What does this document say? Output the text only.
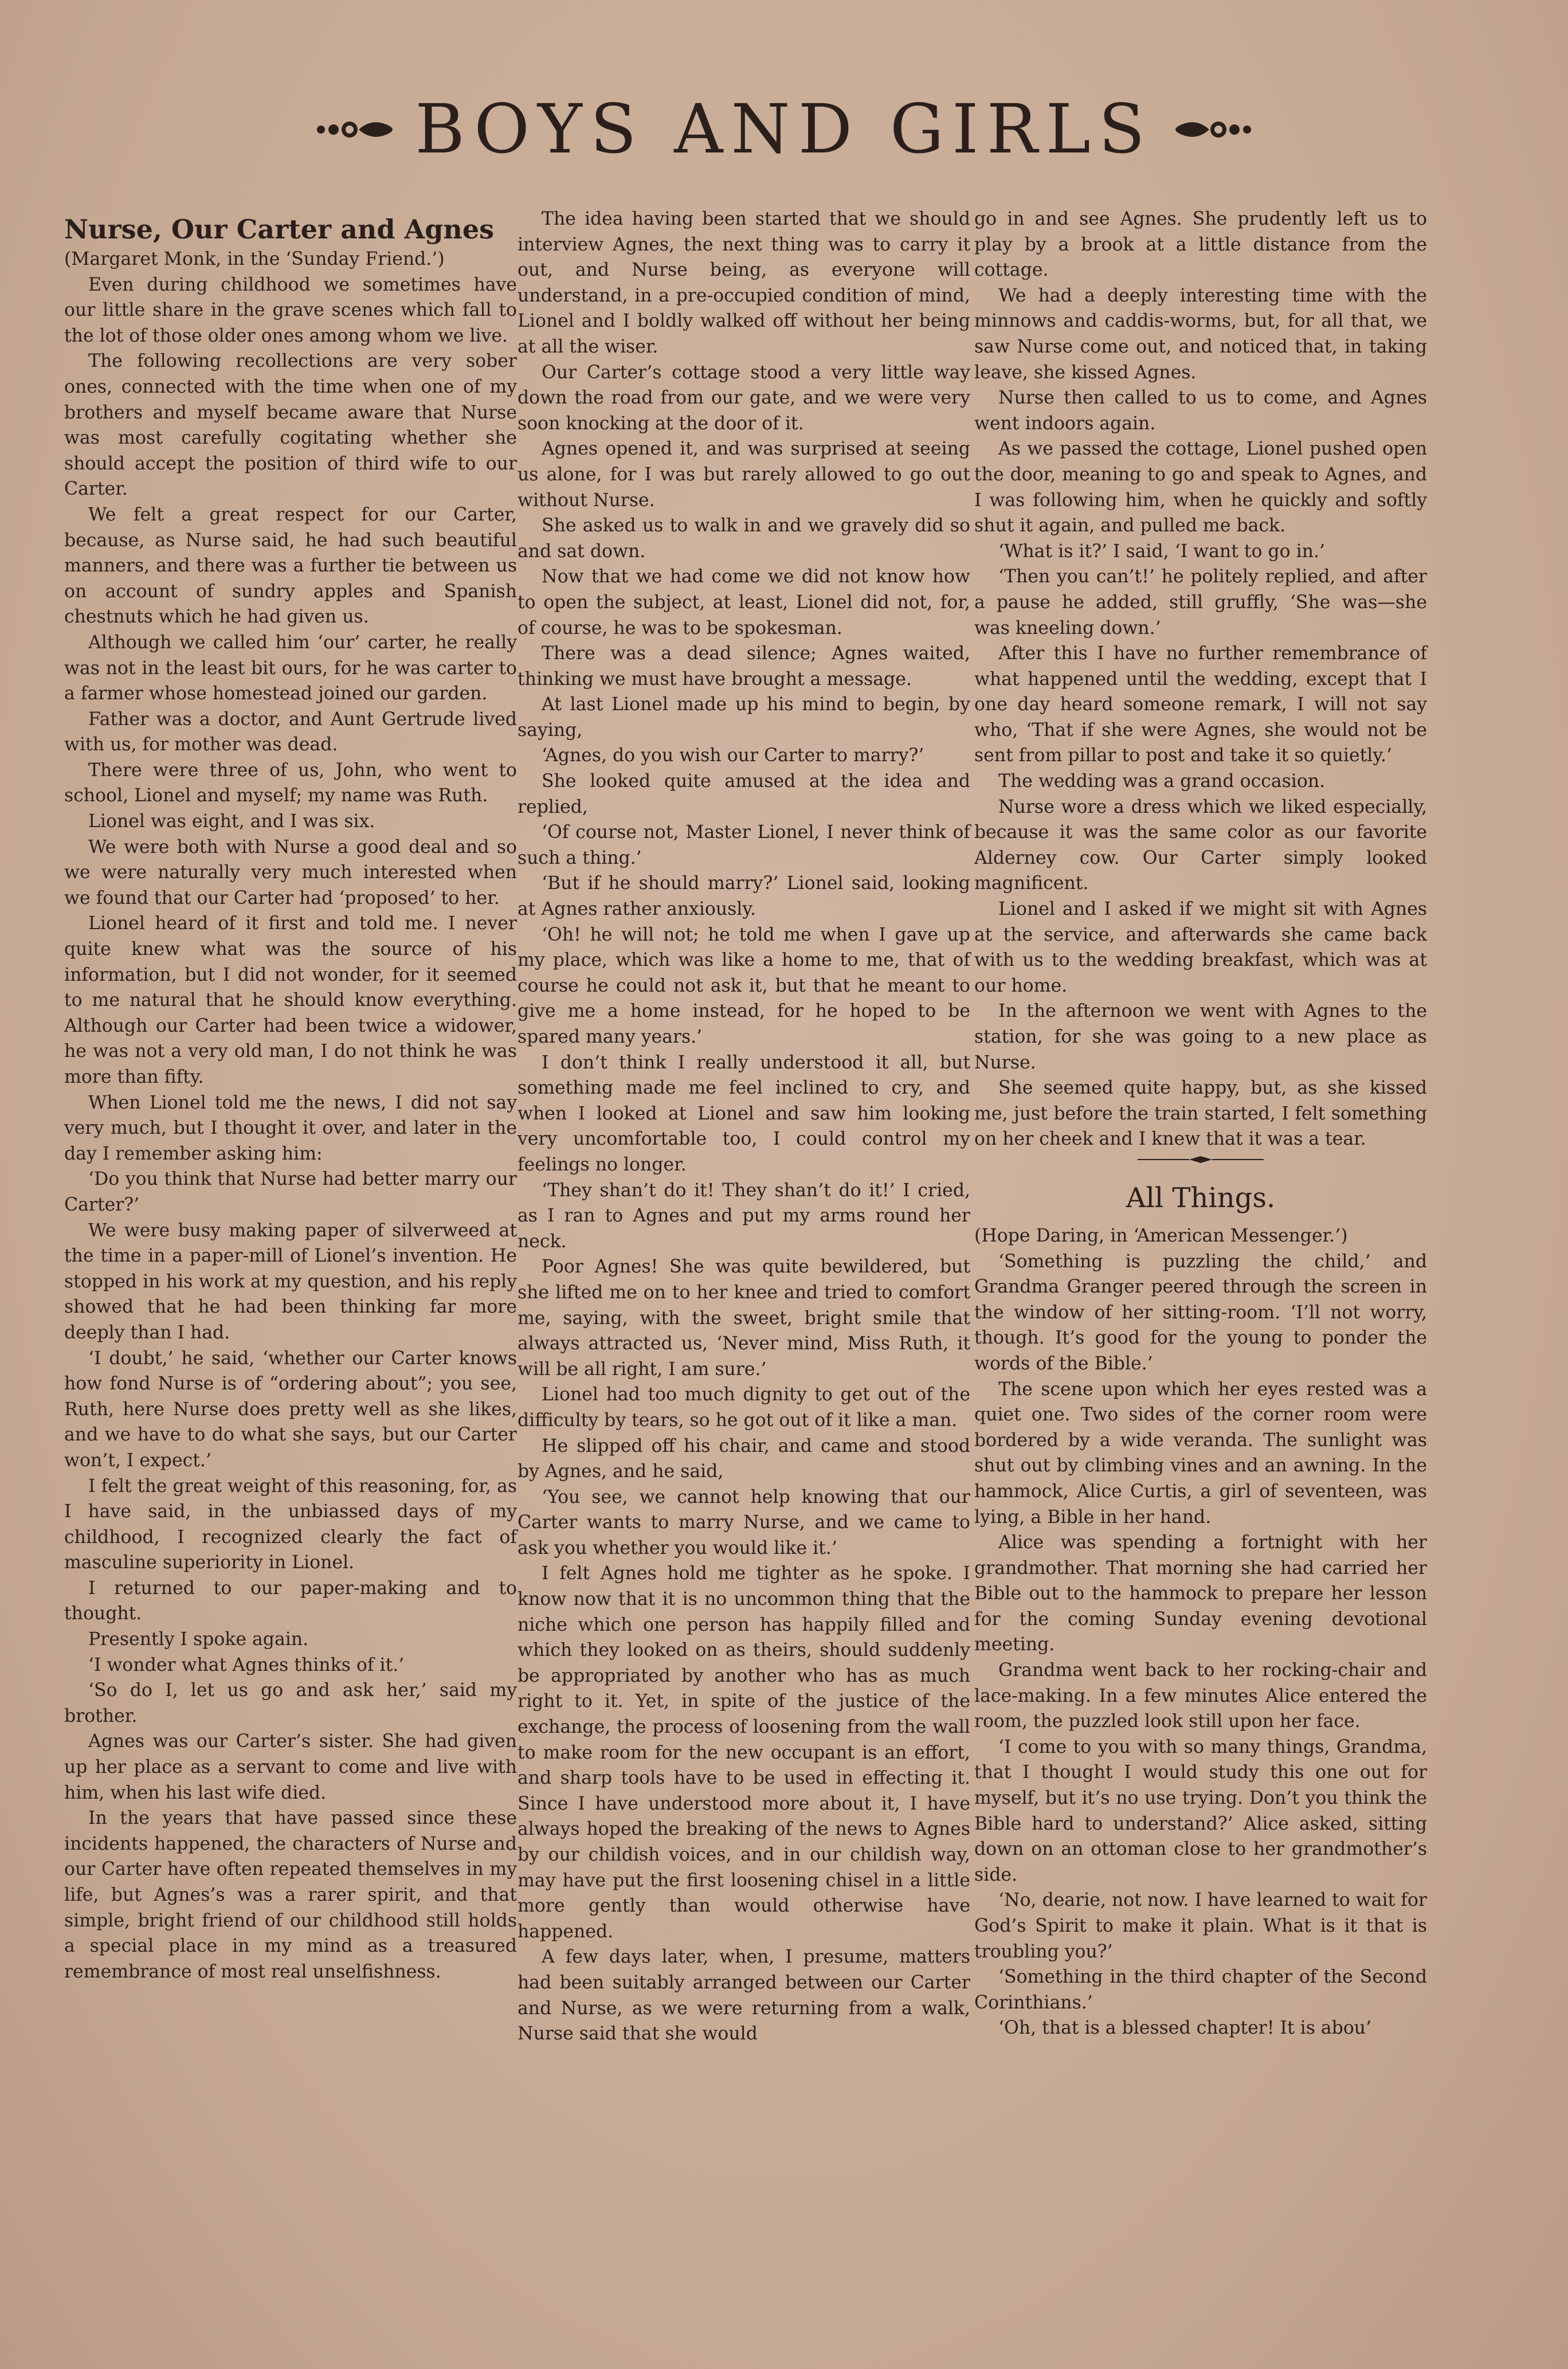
BOYS AND GIRLS
Nurse, Our Carter and Agnes

(Margaret Monk, in the ‘Sunday Friend.’)

Even during childhood we sometimes have our little share in the grave scenes which fall to the lot of those older ones among whom we live.

The following recollections are very sober ones, connected with the time when one of my brothers and myself became aware that Nurse was most carefully cogitating whether she should accept the position of third wife to our Carter.

We felt a great respect for our Carter, because, as Nurse said, he had such beautiful manners, and there was a further tie between us on account of sundry apples and Spanish chestnuts which he had given us.

Although we called him ‘our’ carter, he really was not in the least bit ours, for he was carter to a farmer whose homestead joined our garden.

Father was a doctor, and Aunt Gertrude lived with us, for mother was dead.

There were three of us, John, who went to school, Lionel and myself; my name was Ruth.

Lionel was eight, and I was six.

We were both with Nurse a good deal and so we were naturally very much interested when we found that our Carter had ‘proposed’ to her.

Lionel heard of it first and told me. I never quite knew what was the source of his information, but I did not wonder, for it seemed to me natural that he should know everything. Although our Carter had been twice a widower, he was not a very old man, I do not think he was more than fifty.

When Lionel told me the news, I did not say very much, but I thought it over, and later in the day I remember asking him:

‘Do you think that Nurse had better marry our Carter?’

We were busy making paper of silverweed at the time in a paper-mill of Lionel’s invention. He stopped in his work at my question, and his reply showed that he had been thinking far more deeply than I had.

‘I doubt,’ he said, ‘whether our Carter knows how fond Nurse is of “ordering about”; you see, Ruth, here Nurse does pretty well as she likes, and we have to do what she says, but our Carter won’t, I expect.’

I felt the great weight of this reasoning, for, as I have said, in the unbiassed days of my childhood, I recognized clearly the fact of masculine superiority in Lionel.

I returned to our paper-making and to thought.

Presently I spoke again.

‘I wonder what Agnes thinks of it.’

‘So do I, let us go and ask her,’ said my brother.

Agnes was our Carter’s sister. She had given up her place as a servant to come and live with him, when his last wife died.

In the years that have passed since these incidents happened, the characters of Nurse and our Carter have often repeated themselves in my life, but Agnes’s was a rarer spirit, and that simple, bright friend of our childhood still holds a special place in my mind as a treasured remembrance of most real unselfishness.

The idea having been started that we should interview Agnes, the next thing was to carry it out, and Nurse being, as everyone will understand, in a pre-occupied condition of mind, Lionel and I boldly walked off without her being at all the wiser.

Our Carter’s cottage stood a very little way down the road from our gate, and we were very soon knocking at the door of it.

Agnes opened it, and was surprised at seeing us alone, for I was but rarely allowed to go out without Nurse.

She asked us to walk in and we gravely did so and sat down.

Now that we had come we did not know how to open the subject, at least, Lionel did not, for, of course, he was to be spokesman.

There was a dead silence; Agnes waited, thinking we must have brought a message.

At last Lionel made up his mind to begin, by saying,

‘Agnes, do you wish our Carter to marry?’

She looked quite amused at the idea and replied,

‘Of course not, Master Lionel, I never think of such a thing.’

‘But if he should marry?’ Lionel said, looking at Agnes rather anxiously.

‘Oh! he will not; he told me when I gave up my place, which was like a home to me, that of course he could not ask it, but that he meant to give me a home instead, for he hoped to be spared many years.’

I don’t think I really understood it all, but something made me feel inclined to cry, and when I looked at Lionel and saw him looking very uncomfortable too, I could control my feelings no longer.

‘They shan’t do it! They shan’t do it!’ I cried, as I ran to Agnes and put my arms round her neck.

Poor Agnes! She was quite bewildered, but she lifted me on to her knee and tried to comfort me, saying, with the sweet, bright smile that always attracted us, ‘Never mind, Miss Ruth, it will be all right, I am sure.’

Lionel had too much dignity to get out of the difficulty by tears, so he got out of it like a man.

He slipped off his chair, and came and stood by Agnes, and he said,

‘You see, we cannot help knowing that our Carter wants to marry Nurse, and we came to ask you whether you would like it.’

I felt Agnes hold me tighter as he spoke. I know now that it is no uncommon thing that the niche which one person has happily filled and which they looked on as theirs, should suddenly be appropriated by another who has as much right to it. Yet, in spite of the justice of the exchange, the process of loosening from the wall to make room for the new occupant is an effort, and sharp tools have to be used in effecting it. Since I have understood more about it, I have always hoped the breaking of the news to Agnes by our childish voices, and in our childish way, may have put the first loosening chisel in a little more gently than would otherwise have happened.

A few days later, when, I presume, matters had been suitably arranged between our Carter and Nurse, as we were returning from a walk, Nurse said that she would

go in and see Agnes. She prudently left us to play by a brook at a little distance from the cottage.

We had a deeply interesting time with the minnows and caddis-worms, but, for all that, we saw Nurse come out, and noticed that, in taking leave, she kissed Agnes.

Nurse then called to us to come, and Agnes went indoors again.

As we passed the cottage, Lionel pushed open the door, meaning to go and speak to Agnes, and I was following him, when he quickly and softly shut it again, and pulled me back.

‘What is it?’ I said, ‘I want to go in.’

‘Then you can’t!’ he politely replied, and after a pause he added, still gruffly, ‘She was—she was kneeling down.’

After this I have no further remembrance of what happened until the wedding, except that I one day heard someone remark, I will not say who, ‘That if she were Agnes, she would not be sent from pillar to post and take it so quietly.’

The wedding was a grand occasion.

Nurse wore a dress which we liked especially, because it was the same color as our favorite Alderney cow. Our Carter simply looked magnificent.

Lionel and I asked if we might sit with Agnes at the service, and afterwards she came back with us to the wedding breakfast, which was at our home.

In the afternoon we went with Agnes to the station, for she was going to a new place as Nurse.

She seemed quite happy, but, as she kissed me, just before the train started, I felt something on her cheek and I knew that it was a tear.

All Things.

(Hope Daring, in ‘American Messenger.’)

‘Something is puzzling the child,’ and Grandma Granger peered through the screen in the window of her sitting-room. ‘I’ll not worry, though. It’s good for the young to ponder the words of the Bible.’

The scene upon which her eyes rested was a quiet one. Two sides of the corner room were bordered by a wide veranda. The sunlight was shut out by climbing vines and an awning. In the hammock, Alice Curtis, a girl of seventeen, was lying, a Bible in her hand.

Alice was spending a fortnight with her grandmother. That morning she had carried her Bible out to the hammock to prepare her lesson for the coming Sunday evening devotional meeting.

Grandma went back to her rocking-chair and lace-making. In a few minutes Alice entered the room, the puzzled look still upon her face.

‘I come to you with so many things, Grandma, that I thought I would study this one out for myself, but it’s no use trying. Don’t you think the Bible hard to understand?’ Alice asked, sitting down on an ottoman close to her grandmother’s side.

‘No, dearie, not now. I have learned to wait for God’s Spirit to make it plain. What is it that is troubling you?’

‘Something in the third chapter of the Second Corinthians.’

‘Oh, that is a blessed chapter! It is abou’
